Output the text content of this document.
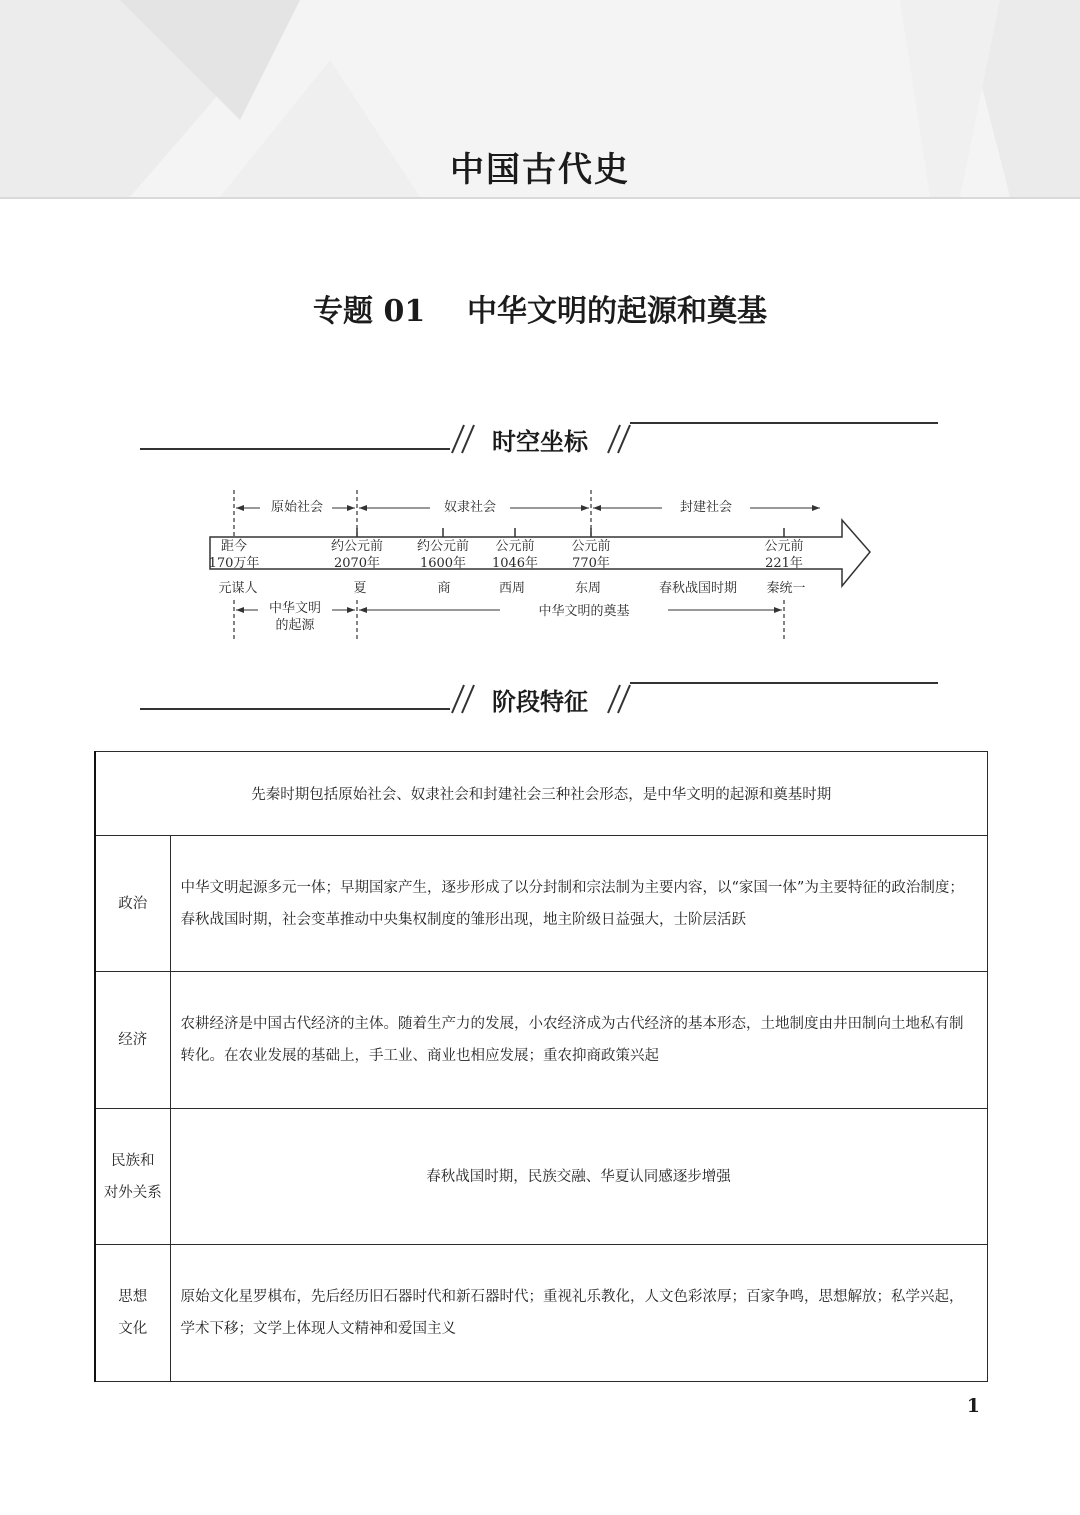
中国古代史
专题 01    中华文明的起源和奠基
时空坐标
原始社会	奴隶社会	封建社会
距今
170万年
约公元前
2070年
约公元前
1600年
公元前
1046年
公元前
770年
公元前
221年
元谋人	夏	商	西周	东周	春秋战国时期	秦统一
中华文明
的起源
中华文明的奠基
阶段特征
先秦时期包括原始社会、奴隶社会和封建社会三种社会形态，是中华文明的起源和奠基时期	

政治	中华文明起源多元一体；早期国家产生，逐步形成了以分封制和宗法制为主要内容，以“家国一体”为主要特征的政治制度；春秋战国时期，社会变革推动中央集权制度的雏形出现，地主阶级日益强大，士阶层活跃

经济	农耕经济是中国古代经济的主体。随着生产力的发展，小农经济成为古代经济的基本形态，土地制度由井田制向土地私有制转化。在农业发展的基础上，手工业、商业也相应发展；重农抑商政策兴起

民族和
对外关系	春秋战国时期，民族交融、华夏认同感逐步增强

思想
文化	原始文化星罗棋布，先后经历旧石器时代和新石器时代；重视礼乐教化，人文色彩浓厚；百家争鸣，思想解放；私学兴起，学术下移；文学上体现人文精神和爱国主义
1
